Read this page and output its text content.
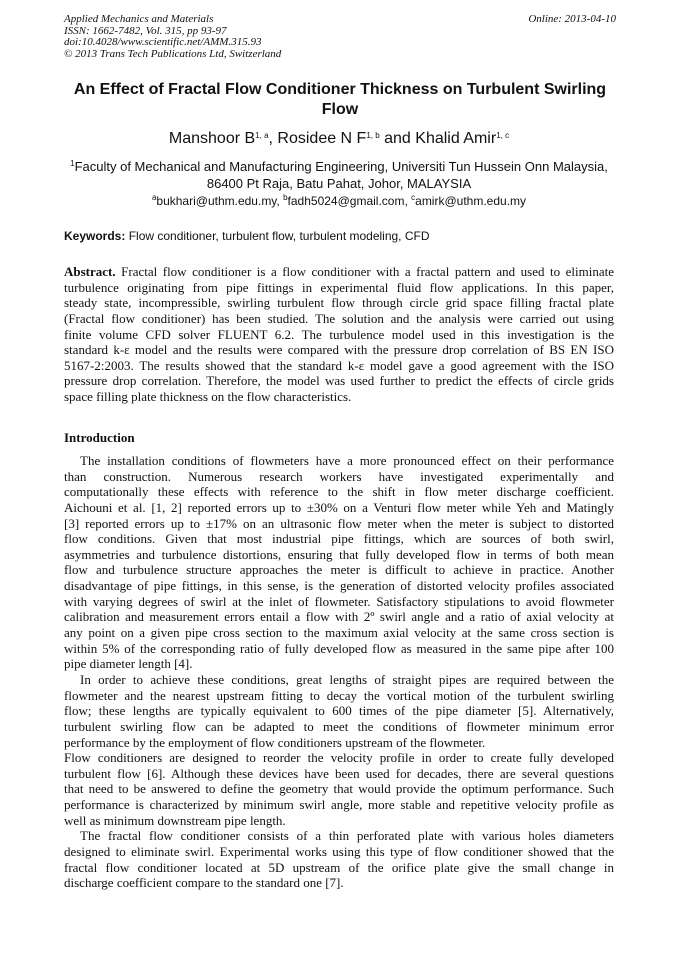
Applied Mechanics and Materials
ISSN: 1662-7482, Vol. 315, pp 93-97
doi:10.4028/www.scientific.net/AMM.315.93
© 2013 Trans Tech Publications Ltd, Switzerland
Online: 2013-04-10
An Effect of Fractal Flow Conditioner Thickness on Turbulent Swirling
Flow
Manshoor B$^{1, a}$, Rosidee N F$^{1, b}$ and Khalid Amir$^{1, c}$
$^1$Faculty of Mechanical and Manufacturing Engineering, Universiti Tun Hussein Onn Malaysia,
86400 Pt Raja, Batu Pahat, Johor, MALAYSIA
$^a$bukhari@uthm.edu.my, $^b$fadh5024@gmail.com, $^c$amirk@uthm.edu.my
Keywords: Flow conditioner, turbulent flow, turbulent modeling, CFD
Abstract. Fractal flow conditioner is a flow conditioner with a fractal pattern and used to eliminate
turbulence originating from pipe fittings in experimental fluid flow applications. In this paper,
steady state, incompressible, swirling turbulent flow through circle grid space filling fractal plate
(Fractal flow conditioner) has been studied. The solution and the analysis were carried out using
finite volume CFD solver FLUENT 6.2. The turbulence model used in this investigation is the
standard k-ε model and the results were compared with the pressure drop correlation of BS EN ISO
5167-2:2003. The results showed that the standard k-ε model gave a good agreement with the ISO
pressure drop correlation. Therefore, the model was used further to predict the effects of circle grids
space filling plate thickness on the flow characteristics.
Introduction
The installation conditions of flowmeters have a more pronounced effect on their performance
than construction. Numerous research workers have investigated experimentally and
computationally these effects with reference to the shift in flow meter discharge coefficient.
Aichouni et al. [1, 2] reported errors up to ±30% on a Venturi flow meter while Yeh and Matingly
[3] reported errors up to ±17% on an ultrasonic flow meter when the meter is subject to distorted
flow conditions. Given that most industrial pipe fittings, which are sources of both swirl,
asymmetries and turbulence distortions, ensuring that fully developed flow in terms of both mean
flow and turbulence structure approaches the meter is difficult to achieve in practice. Another
disadvantage of pipe fittings, in this sense, is the generation of distorted velocity profiles associated
with varying degrees of swirl at the inlet of flowmeter. Satisfactory stipulations to avoid flowmeter
calibration and measurement errors entail a flow with 2º swirl angle and a ratio of axial velocity at
any point on a given pipe cross section to the maximum axial velocity at the same cross section is
within 5% of the corresponding ratio of fully developed flow as measured in the same pipe after 100
pipe diameter length [4].
In order to achieve these conditions, great lengths of straight pipes are required between the
flowmeter and the nearest upstream fitting to decay the vortical motion of the turbulent swirling
flow; these lengths are typically equivalent to 600 times of the pipe diameter [5]. Alternatively,
turbulent swirling flow can be adapted to meet the conditions of flowmeter minimum error
performance by the employment of flow conditioners upstream of the flowmeter.
Flow conditioners are designed to reorder the velocity profile in order to create fully developed
turbulent flow [6]. Although these devices have been used for decades, there are several questions
that need to be answered to define the geometry that would provide the optimum performance. Such
performance is characterized by minimum swirl angle, more stable and repetitive velocity profile as
well as minimum downstream pipe length.
The fractal flow conditioner consists of a thin perforated plate with various holes diameters
designed to eliminate swirl. Experimental works using this type of flow conditioner showed that the
fractal flow conditioner located at 5D upstream of the orifice plate give the small change in
discharge coefficient compare to the standard one [7].
